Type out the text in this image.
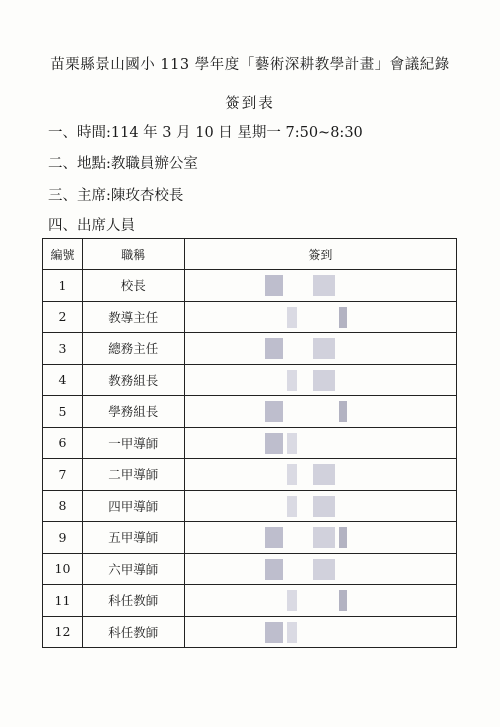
苗栗縣景山國小 113 學年度「藝術深耕教學計畫」會議紀錄
簽到表
一、時間:114 年 3 月 10 日 星期一 7:50~8:30
二、地點:教職員辦公室
三、主席:陳玫杏校長
四、出席人員
編號	職稱	簽到
1	校長	

2	教導主任	

3	總務主任	

4	教務組長	

5	學務組長	

6	一甲導師	

7	二甲導師	

8	四甲導師	

9	五甲導師	

10	六甲導師	

11	科任教師	

12	科任教師	
